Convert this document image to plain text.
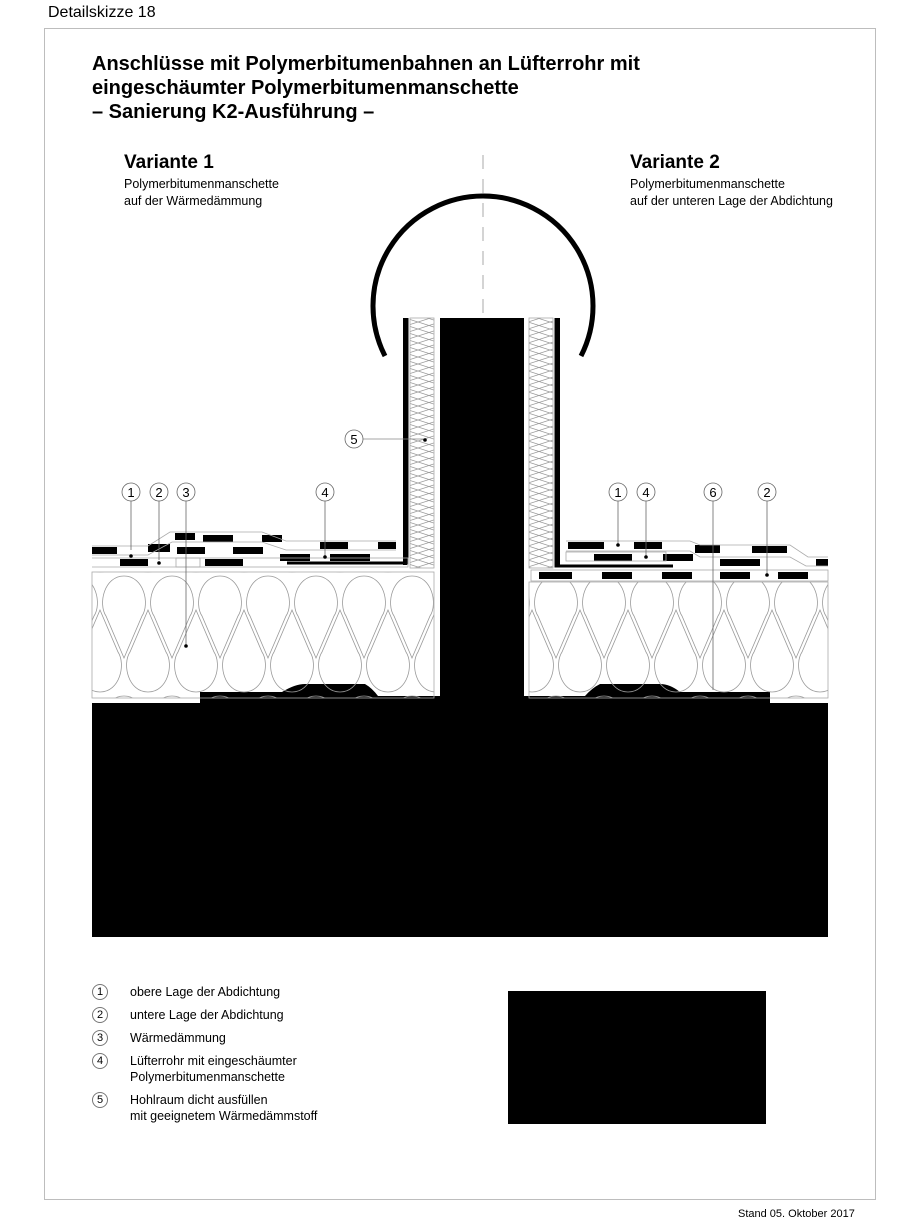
Detailskizze 18
Anschlüsse mit Polymerbitumenbahnen an Lüfterrohr mit
eingeschäumter Polymerbitumenmanschette
– Sanierung K2-Ausführung –
Variante 1
Polymerbitumenmanschette
auf der Wärmedämmung
Variante 2
Polymerbitumenmanschette
auf der unteren Lage der Abdichtung
1 2 3	4
5
1 4	6	2
1	obere Lage der Abdichtung
2	untere Lage der Abdichtung
3	Wärmedämmung
4	Lüfterrohr mit eingeschäumter
Polymerbitumenmanschette
5	Hohlraum dicht ausfüllen
mit geeignetem Wärmedämmstoff
Stand 05. Oktober 2017
